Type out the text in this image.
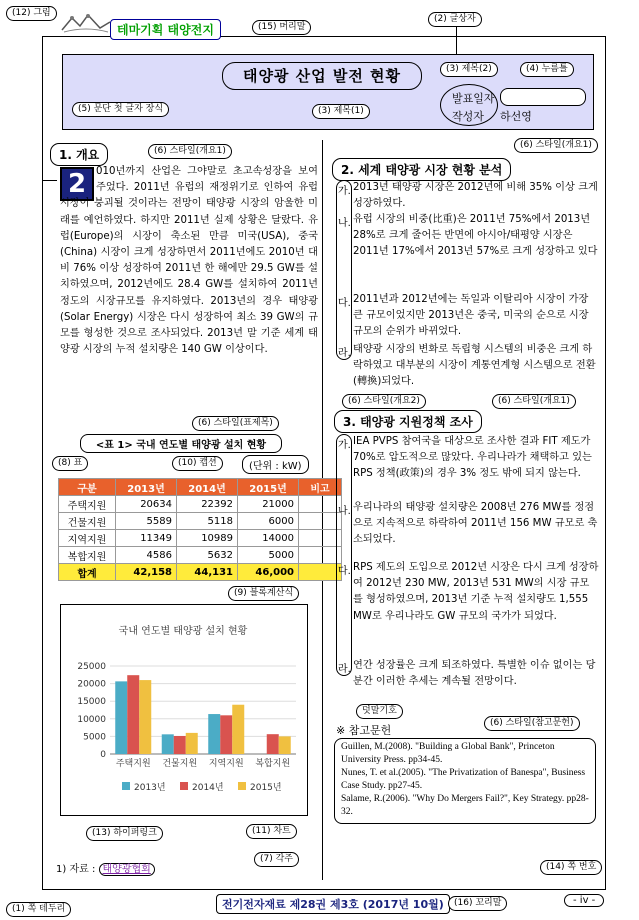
(12) 그림
테마기획 태양전지	(15) 머리말
(2) 글상자
태양광 산업 발전 현황	(3) 제목(2)	(4) 누름틀
발표일자
작성자 하선영
(5) 문단 첫 글자 장식	(3) 제목(1)
1. 개요	(6) 스타일(개요1)
(6) 스타일(개요1)
2 010년까지 산업은 그야말로 초고속성장을 보여 주었다. 2011년 유럽의 재정위기로 인하여 유럽 시장이 붕괴될 것이라는 전망이 태양광 시장의 암울한 미래를 예언하였다. 하지만 2011년 실제 상황은 달랐다. 유럽(Europe)의 시장이 축소된 만큼 미국(USA), 중국(China) 시장이 크게 성장하면서 2011년에도 2010년 대비 76% 이상 성장하여 2011년 한 해에만 29.5 GW를 설치하였으며, 2012년에도 28.4 GW를 설치하여 2011년 정도의 시장규모를 유지하였다. 2013년의 경우 태양광(Solar Energy) 시장은 다시 성장하여 최소 39 GW의 규모를 형성한 것으로 조사되었다. 2013년 말 기준 세계 태양광 시장의 누적 설치량은 140 GW 이상이다.
(6) 스타일(표제목)
<표 1> 국내 연도별 태양광 설치 현황
(8) 표	(10) 캡션	(단위 : kW)
구분	2013년	2014년	2015년	비고
주택지원	20634	22392	21000	
건물지원	5589	5118	6000	
지역지원	11349	10989	14000	
복합지원	4586	5632	5000	
합계	42,158	44,131	46,000	
(9) 블록계산식
국내 연도별 태양광 설치 현황
0
5000
10000
15000
20000
25000
주택지원 건물지원 지역지원 복합지원
2013년	2014년	2015년
(13) 하이퍼링크	(11) 차트
(7) 각주
1) 자료 : 태양광협회
2. 세계 태양광 시장 현황 분석
가. 2013년 태양광 시장은 2012년에 비해 35% 이상 크게 성장하였다.
나. 유럽 시장의 비중(比重)은 2011년 75%에서 2013년 28%로 크게 줄어든 반면에 아시아/태평양 시장은 2011년 17%에서 2013년 57%로 크게 성장하고 있다
다. 2011년과 2012년에는 독일과 이탈리아 시장이 가장 큰 규모이었지만 2013년은 중국, 미국의 순으로 시장 규모의 순위가 바뀌었다.
라. 태양광 시장의 변화로 독립형 시스템의 비중은 크게 하락하였고 대부분의 시장이 계통연계형 시스템으로 전환(轉換)되었다.
(6) 스타일(개요2)	(6) 스타일(개요1)
3. 태양광 지원정책 조사
가. IEA PVPS 참여국을 대상으로 조사한 결과 FIT 제도가 70%로 압도적으로 많았다. 우리나라가 채택하고 있는 RPS 정책(政策)의 경우 3% 정도 밖에 되지 않는다.
나. 우리나라의 태양광 설치량은 2008년 276 MW를 정점으로 지속적으로 하락하여 2011년 156 MW 규모로 축소되었다.
다. RPS 제도의 도입으로 2012년 시장은 다시 크게 성장하여 2012년 230 MW, 2013년 531 MW의 시장 규모를 형성하였으며, 2013년 기준 누적 설치량도 1,555 MW로 우리나라도 GW 규모의 국가가 되었다.
라. 연간 성장률은 크게 퇴조하였다. 특별한 이슈 없이는 당분간 이러한 추세는 계속될 전망이다.
덧말기호
(6) 스타일(참고문헌)
※ 참고문헌
Guillen, M.(2008). "Building a Global Bank", Princeton University Press. pp34-45.
Nunes, T. et al.(2005). "The Privatization of Banespa", Business Case Study. pp27-45.
Salame, R.(2006). "Why Do Mergers Fail?", Key Strategy. pp28-32.
(14) 쪽 번호
(1) 쪽 테두리	전기전자재료 제28권 제3호 (2017년 10월)	(16) 꼬리말	- iv -
